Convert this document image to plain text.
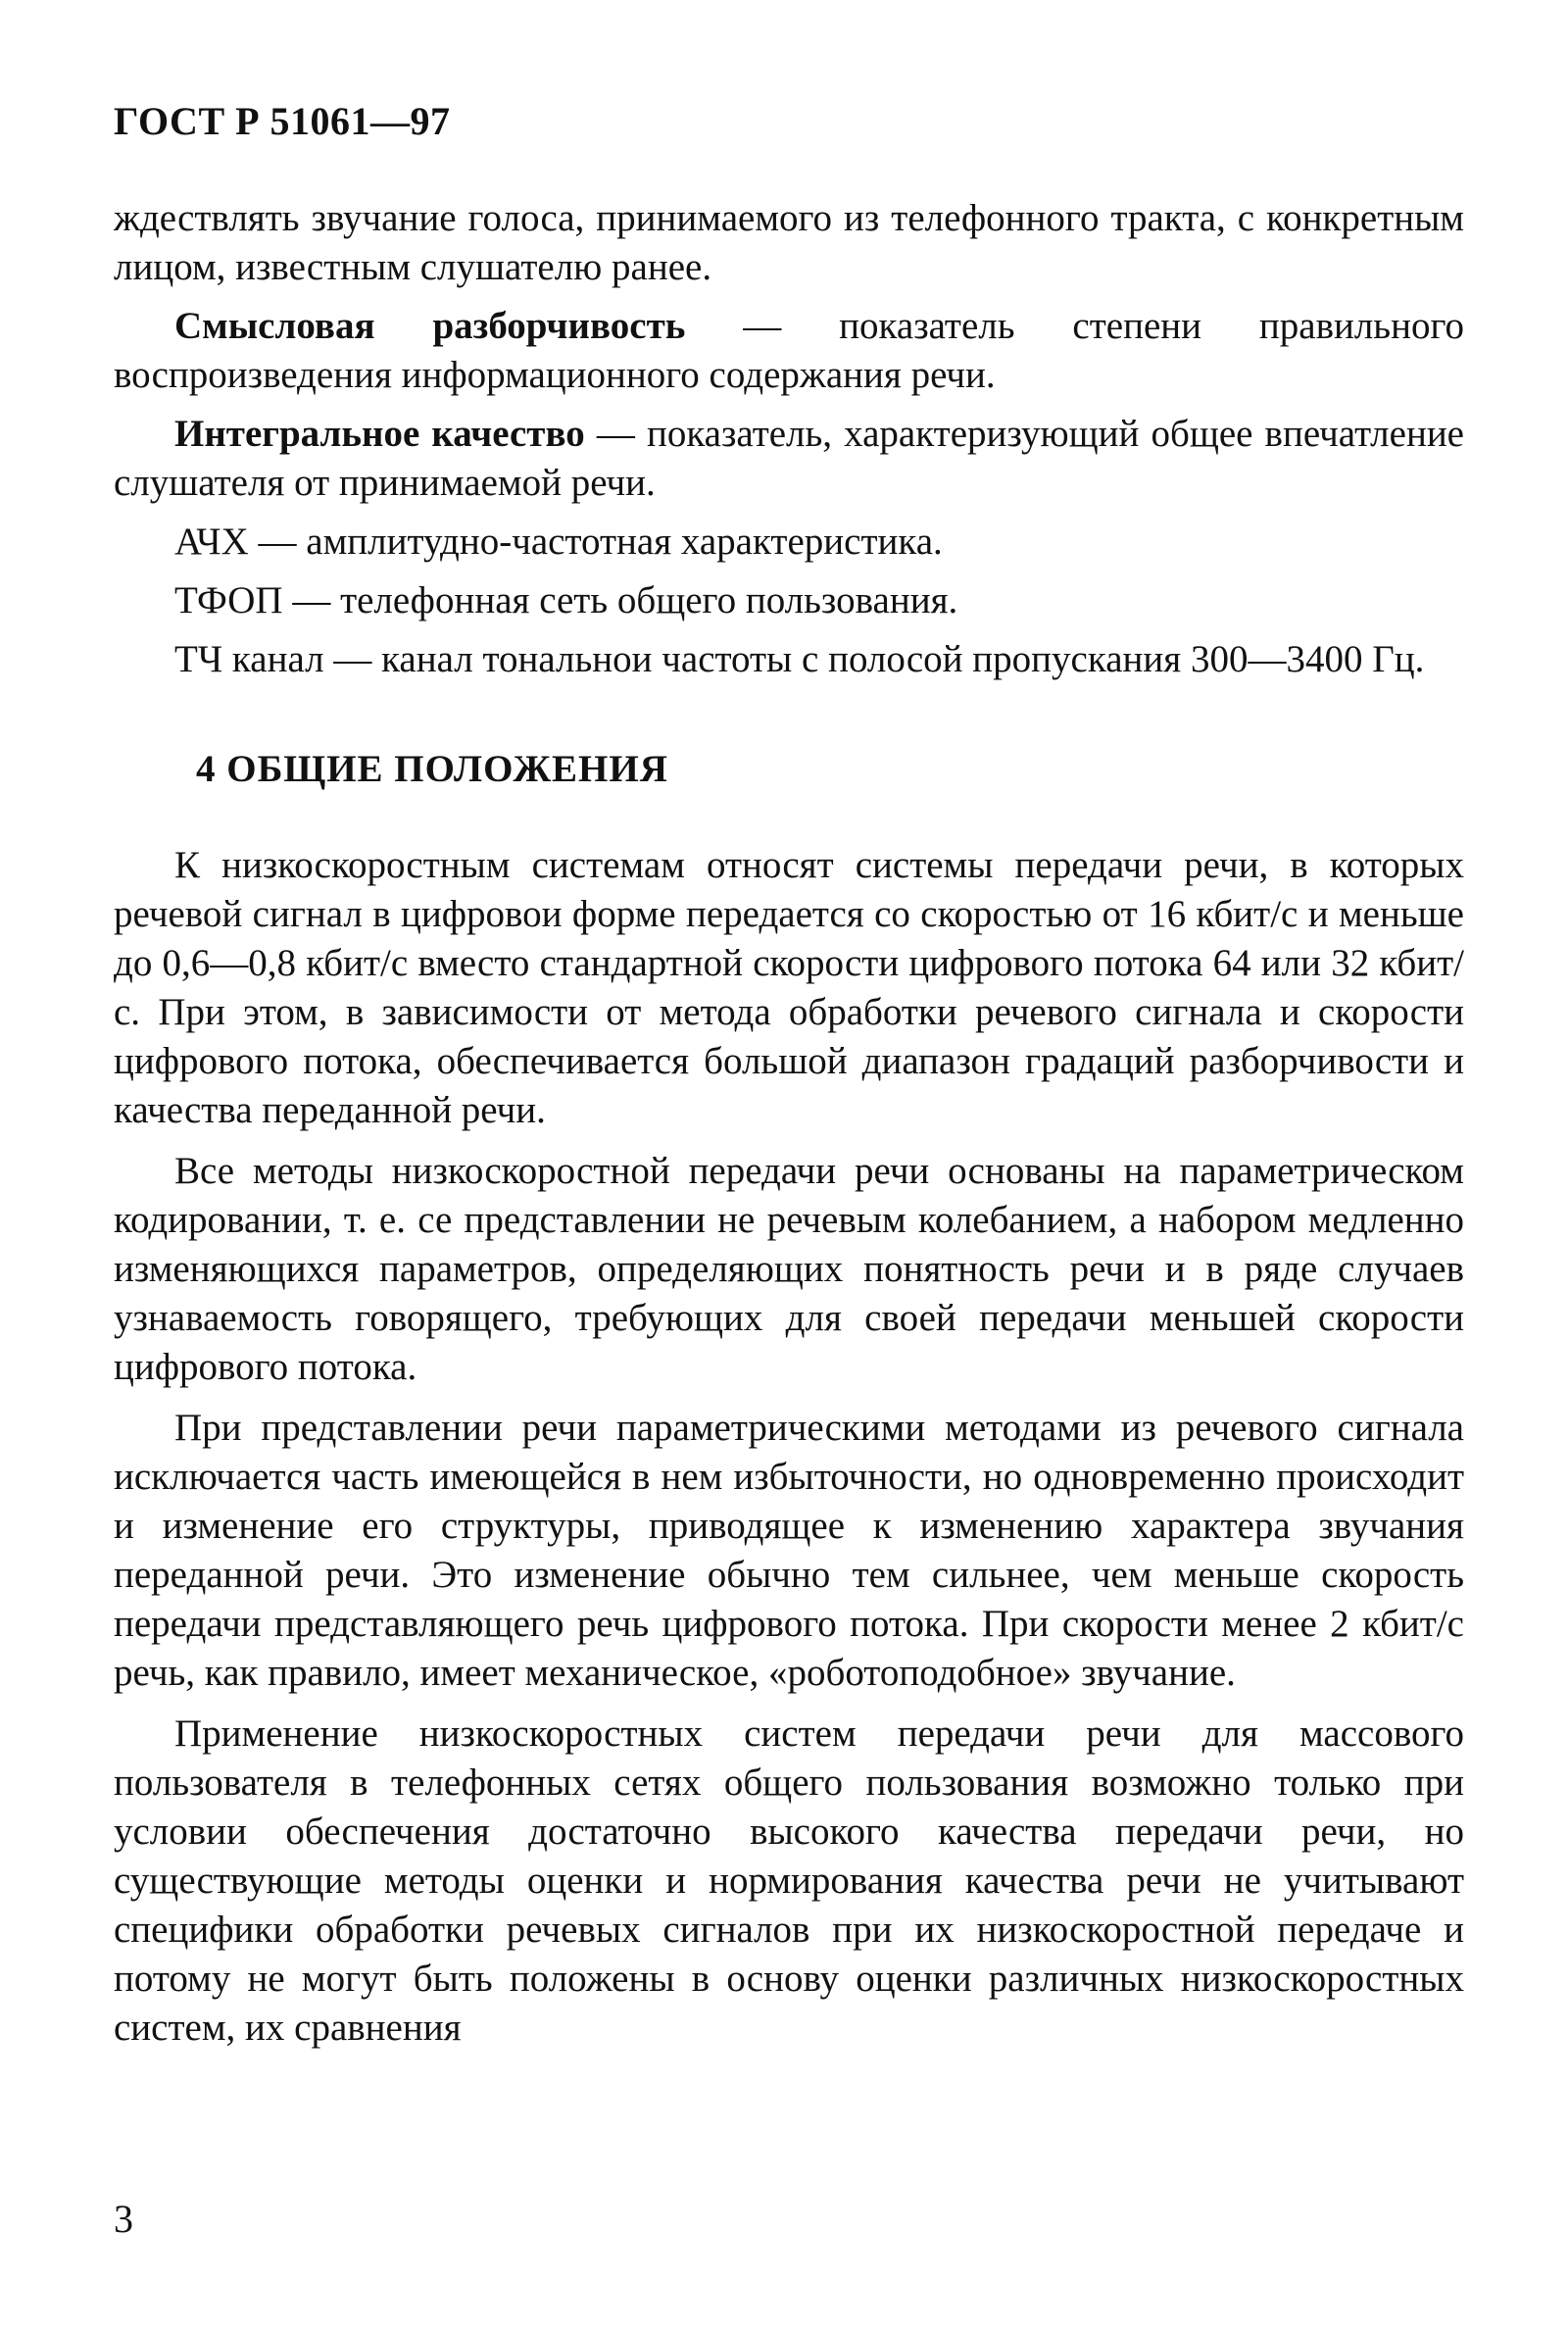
ГОСТ Р 51061—97

ждествлять звучание голоса, принимаемого из телефонного тракта, с конкретным лицом, известным слушателю ранее.

Смысловая разборчивость — показатель степени правильного воспроизведения информационного содержания речи.

Интегральное качество — показатель, характеризующий общее впечатление слушателя от принимаемой речи.

АЧХ — амплитудно-частотная характеристика.

ТФОП — телефонная сеть общего пользования.

ТЧ канал — канал тональнои частоты с полосой пропускания 300—3400 Гц.

4 ОБЩИЕ ПОЛОЖЕНИЯ

К низкоскоростным системам относят системы передачи речи, в которых речевой сигнал в цифровои форме передается со скоростью от 16 кбит/с и меньше до 0,6—0,8 кбит/с вместо стандартной скорости цифрового потока 64 или 32 кбит/с. При этом, в зависимости от метода обработки речевого сигнала и скорости цифрового потока, обеспечивается большой диапазон градаций разборчивости и качества переданной речи.

Все методы низкоскоростной передачи речи основаны на параметрическом кодировании, т. е. се представлении не речевым колебанием, а набором медленно изменяющихся параметров, определяющих понятность речи и в ряде случаев узнаваемость говорящего, требующих для своей передачи меньшей скорости цифрового потока.

При представлении речи параметрическими методами из речевого сигнала исключается часть имеющейся в нем избыточности, но одновременно происходит и изменение его структуры, приводящее к изменению характера звучания переданной речи. Это изменение обычно тем сильнее, чем меньше скорость передачи представляющего речь цифрового потока. При скорости менее 2 кбит/с речь, как правило, имеет механическое, «роботоподобное» звучание.

Применение низкоскоростных систем передачи речи для массового пользователя в телефонных сетях общего пользования возможно только при условии обеспечения достаточно высокого качества передачи речи, но существующие методы оценки и нормирования качества речи не учитывают специфики обработки речевых сигналов при их низкоскоростной передаче и потому не могут быть положены в основу оценки различных низкоскоростных систем, их сравнения

3
